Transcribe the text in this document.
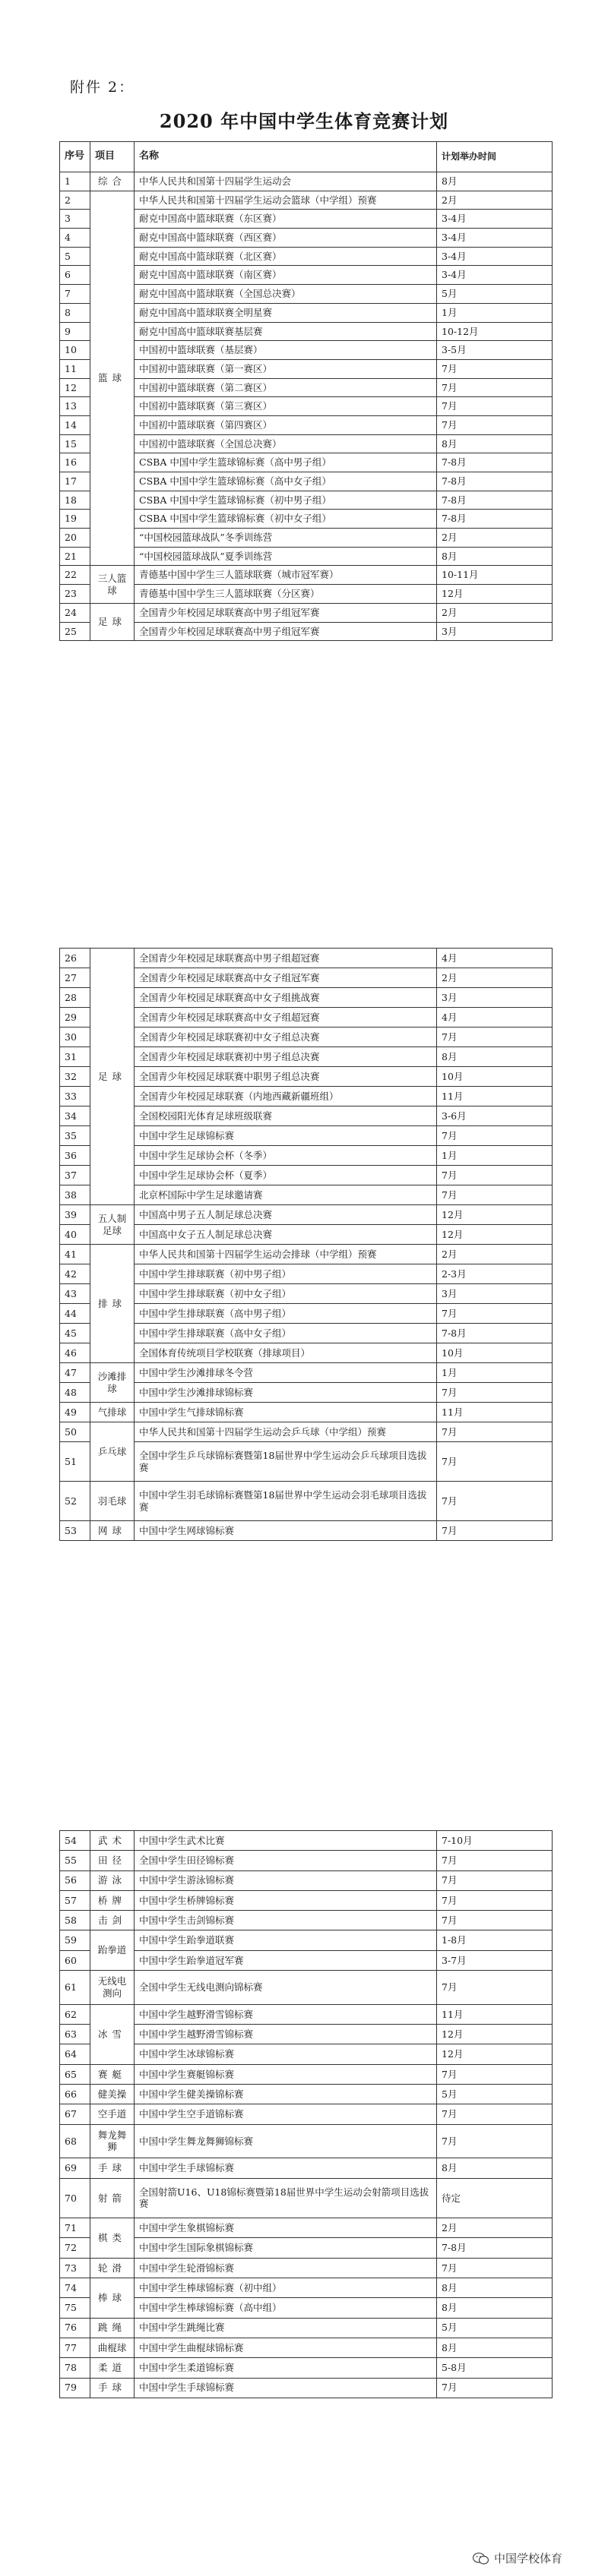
附件 2：
2020 年中国中学生体育竞赛计划
序号	项目	名称	计划举办时间
1	综合	中华人民共和国第十四届学生运动会	8月
2	篮球	中华人民共和国第十四届学生运动会篮球（中学组）预赛	2月
3		耐克中国高中篮球联赛（东区赛）	3-4月
4		耐克中国高中篮球联赛（西区赛）	3-4月
5		耐克中国高中篮球联赛（北区赛）	3-4月
6		耐克中国高中篮球联赛（南区赛）	3-4月
7		耐克中国高中篮球联赛（全国总决赛）	5月
8		耐克中国高中篮球联赛全明星赛	1月
9		耐克中国高中篮球联赛基层赛	10-12月
10		中国初中篮球联赛（基层赛）	3-5月
11		中国初中篮球联赛（第一赛区）	7月
12		中国初中篮球联赛（第二赛区）	7月
13		中国初中篮球联赛（第三赛区）	7月
14		中国初中篮球联赛（第四赛区）	7月
15		中国初中篮球联赛（全国总决赛）	8月
16		CSBA 中国中学生篮球锦标赛（高中男子组）	7-8月
17		CSBA 中国中学生篮球锦标赛（高中女子组）	7-8月
18		CSBA 中国中学生篮球锦标赛（初中男子组）	7-8月
19		CSBA 中国中学生篮球锦标赛（初中女子组）	7-8月
20		“中国校园篮球战队”冬季训练营	2月
21		“中国校园篮球战队”夏季训练营	8月
22	三人篮球	青德基中国中学生三人篮球联赛（城市冠军赛）	10-11月
23		青德基中国中学生三人篮球联赛（分区赛）	12月
24	足球	全国青少年校园足球联赛高中男子组冠军赛	2月
25		全国青少年校园足球联赛高中男子组冠军赛	3月
26	足球	全国青少年校园足球联赛高中男子组超冠赛	4月
27		全国青少年校园足球联赛高中女子组冠军赛	2月
28		全国青少年校园足球联赛高中女子组挑战赛	3月
29		全国青少年校园足球联赛高中女子组超冠赛	4月
30		全国青少年校园足球联赛初中女子组总决赛	7月
31		全国青少年校园足球联赛初中男子组总决赛	8月
32		全国青少年校园足球联赛中职男子组总决赛	10月
33		全国青少年校园足球联赛（内地西藏新疆班组）	11月
34		全国校园阳光体育足球班级联赛	3-6月
35		中国中学生足球锦标赛	7月
36		中国中学生足球协会杯（冬季）	1月
37		中国中学生足球协会杯（夏季）	7月
38		北京杯国际中学生足球邀请赛	7月
39	五人制足球	中国高中男子五人制足球总决赛	12月
40		中国高中女子五人制足球总决赛	12月
41	排球	中华人民共和国第十四届学生运动会排球（中学组）预赛	2月
42		中国中学生排球联赛（初中男子组）	2-3月
43		中国中学生排球联赛（初中女子组）	3月
44		中国中学生排球联赛（高中男子组）	7月
45		中国中学生排球联赛（高中女子组）	7-8月
46		全国体育传统项目学校联赛（排球项目）	10月
47	沙滩排球	中国中学生沙滩排球冬令营	1月
48		中国中学生沙滩排球锦标赛	7月
49	气排球	中国中学生气排球锦标赛	11月
50	乒乓球	中华人民共和国第十四届学生运动会乒乓球（中学组）预赛	7月
51		全国中学生乒乓球锦标赛暨第18届世界中学生运动会乒乓球项目选拔赛	7月
52	羽毛球	中国中学生羽毛球锦标赛暨第18届世界中学生运动会羽毛球项目选拔赛	7月
53	网球	中国中学生网球锦标赛	7月
54	武术	中国中学生武术比赛	7-10月
55	田径	全国中学生田径锦标赛	7月
56	游泳	中国中学生游泳锦标赛	7月
57	桥牌	中国中学生桥牌锦标赛	7月
58	击剑	中国中学生击剑锦标赛	7月
59	跆拳道	中国中学生跆拳道联赛	1-8月
60		中国中学生跆拳道冠军赛	3-7月
61	无线电测向	全国中学生无线电测向锦标赛	7月
62	冰雪	中国中学生越野滑雪锦标赛	11月
63		中国中学生越野滑雪锦标赛	12月
64		中国中学生冰球锦标赛	12月
65	赛艇	中国中学生赛艇锦标赛	7月
66	健美操	中国中学生健美操锦标赛	5月
67	空手道	中国中学生空手道锦标赛	7月
68	舞龙舞狮	中国中学生舞龙舞狮锦标赛	7月
69	手球	中国中学生手球锦标赛	8月
70	射箭	全国射箭U16、U18锦标赛暨第18届世界中学生运动会射箭项目选拔赛	待定
71	棋类	中国中学生象棋锦标赛	2月
72		中国中学生国际象棋锦标赛	7-8月
73	轮滑	中国中学生轮滑锦标赛	7月
74	棒球	中国中学生棒球锦标赛（初中组）	8月
75		中国中学生棒球锦标赛（高中组）	8月
76	跳绳	中国中学生跳绳比赛	5月
77	曲棍球	中国中学生曲棍球锦标赛	8月
78	柔道	中国中学生柔道锦标赛	5-8月
79	手球	中国中学生手球锦标赛	7月
中国学校体育
